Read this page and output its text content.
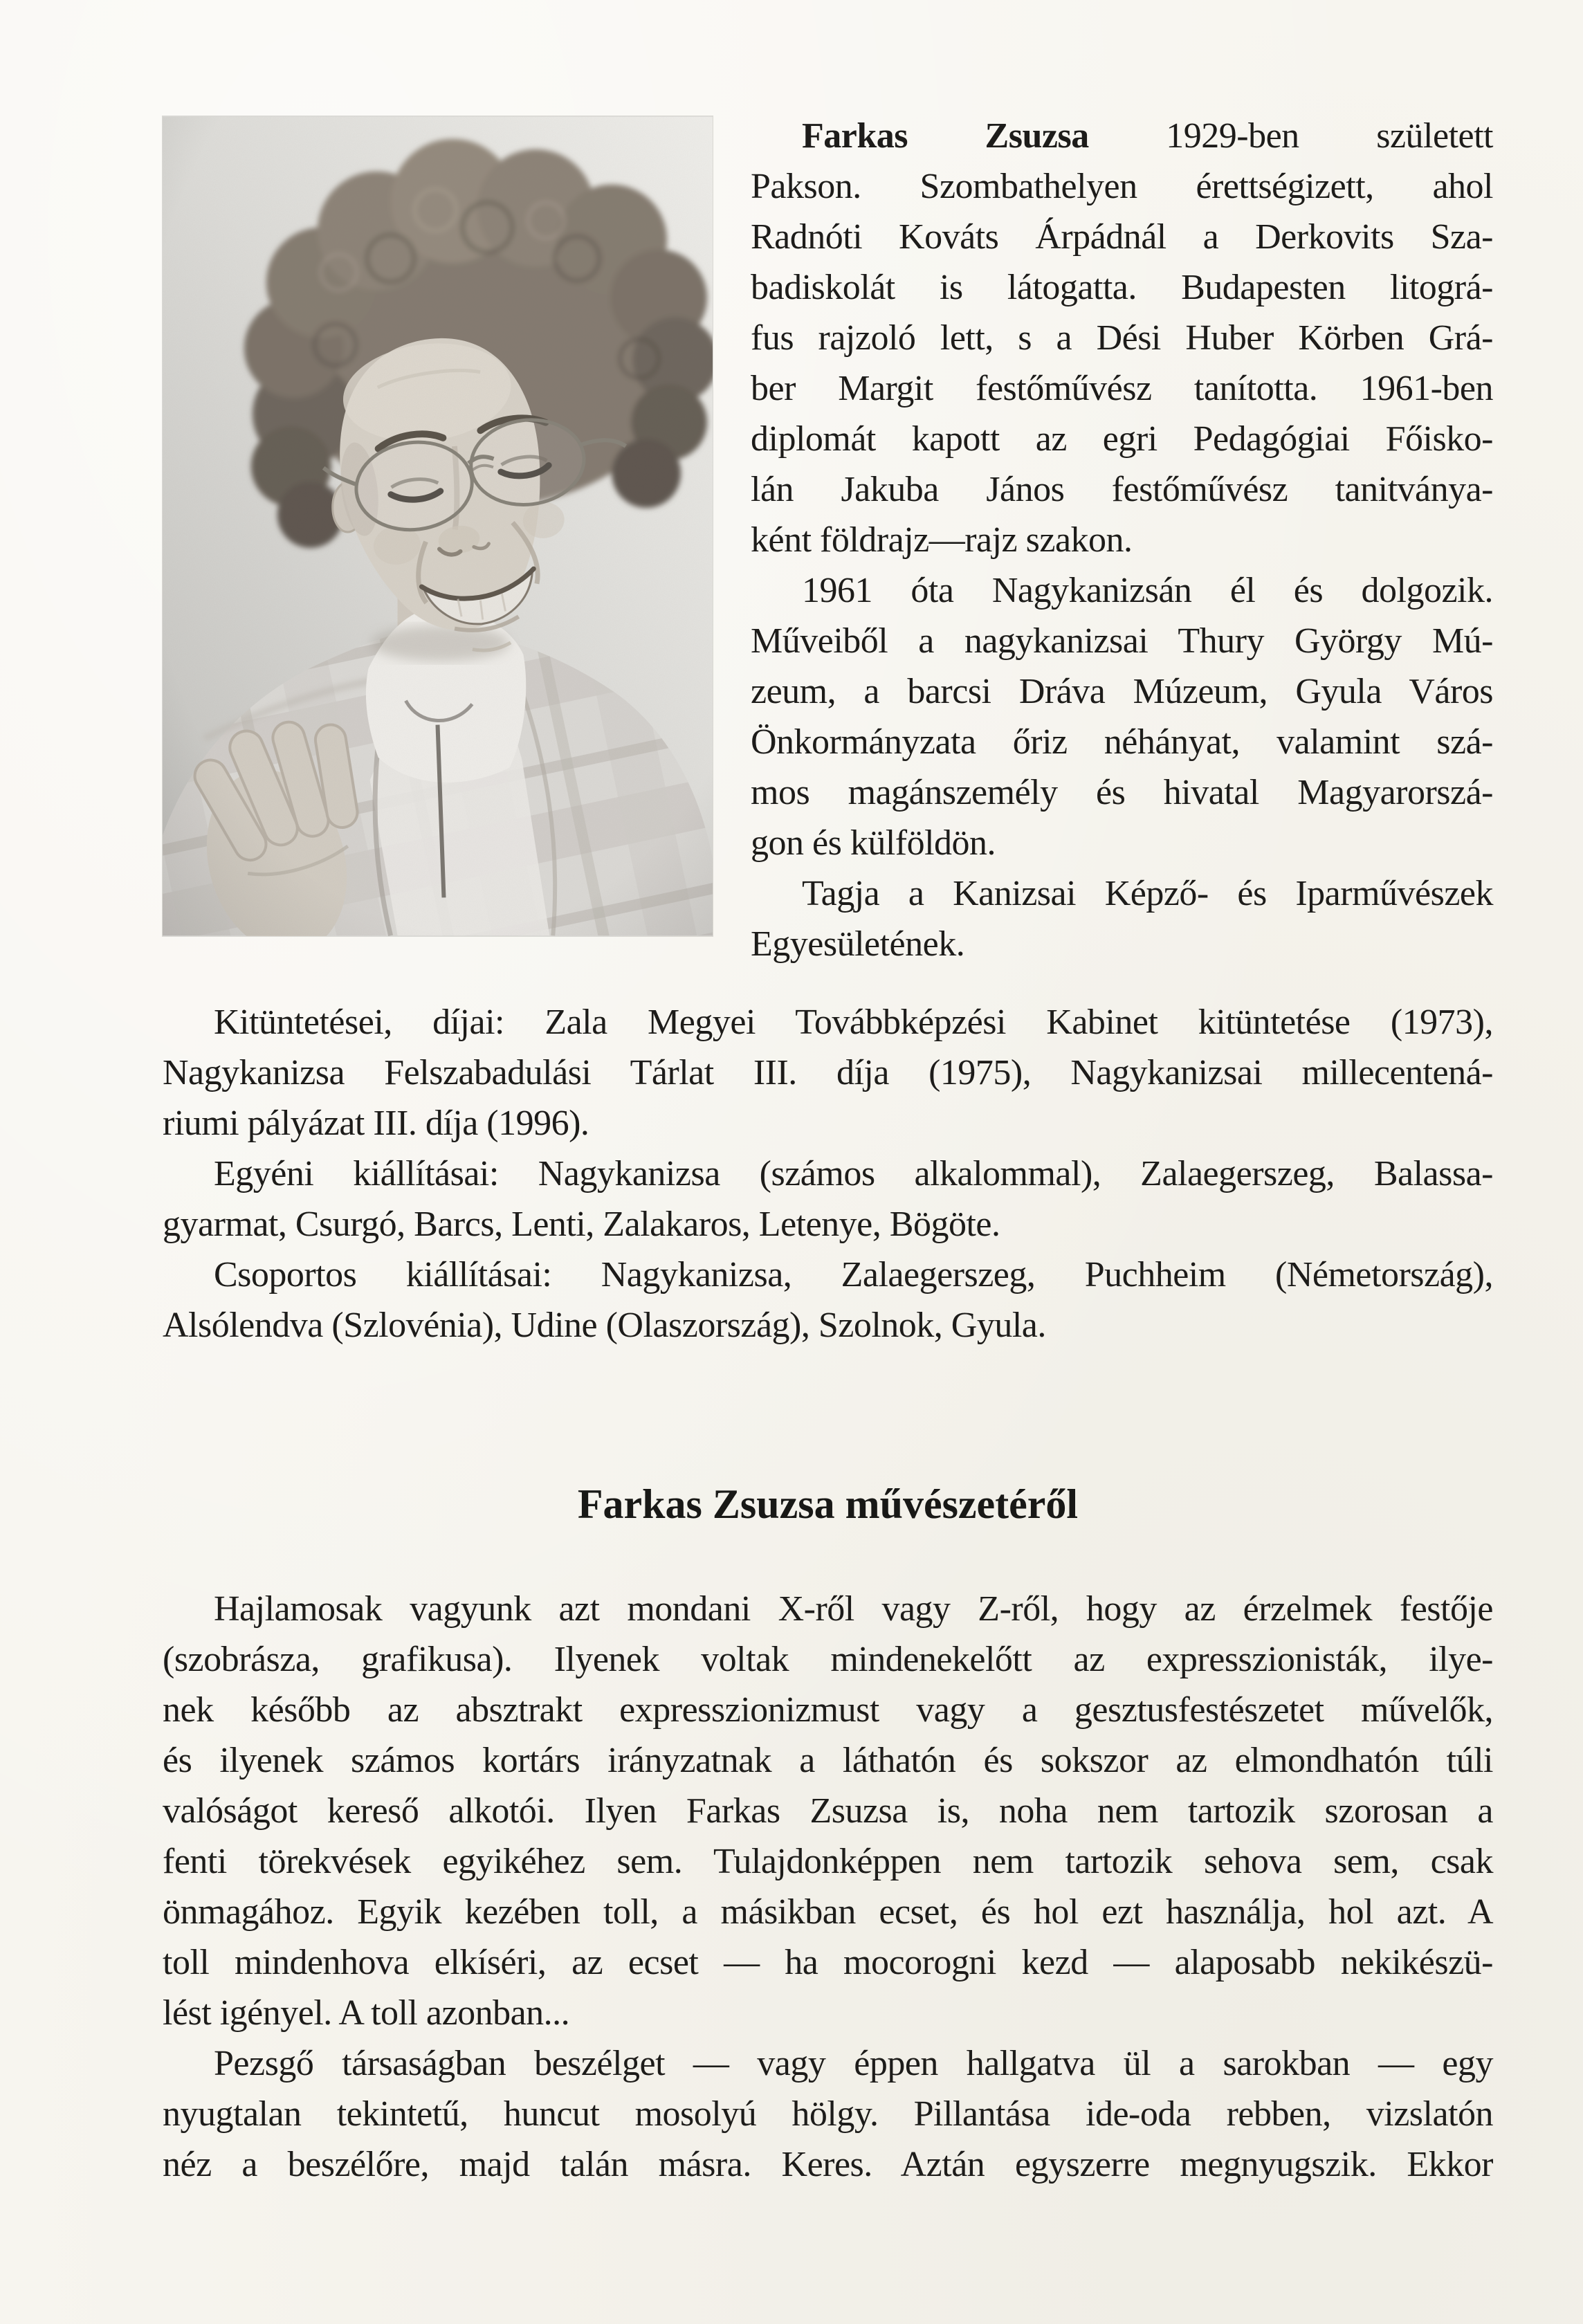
Farkas Zsuzsa 1929-ben született
Pakson. Szombathelyen érettségizett, ahol
Radnóti Kováts Árpádnál a Derkovits Sza-
badiskolát is látogatta. Budapesten litográ-
fus rajzoló lett, s a Dési Huber Körben Grá-
ber Margit festőművész tanította. 1961-ben
diplomát kapott az egri Pedagógiai Főisko-
lán Jakuba János festőművész tanitványa-
ként földrajz—rajz szakon.
1961 óta Nagykanizsán él és dolgozik.
Műveiből a nagykanizsai Thury György Mú-
zeum, a barcsi Dráva Múzeum, Gyula Város
Önkormányzata őriz néhányat, valamint szá-
mos magánszemély és hivatal Magyarorszá-
gon és külföldön.
Tagja a Kanizsai Képző- és Iparművészek
Egyesületének.
Kitüntetései, díjai: Zala Megyei Továbbképzési Kabinet kitüntetése (1973),
Nagykanizsa Felszabadulási Tárlat III. díja (1975), Nagykanizsai millecentená-
riumi pályázat III. díja (1996).
Egyéni kiállításai: Nagykanizsa (számos alkalommal), Zalaegerszeg, Balassa-
gyarmat, Csurgó, Barcs, Lenti, Zalakaros, Letenye, Bögöte.
Csoportos kiállításai: Nagykanizsa, Zalaegerszeg, Puchheim (Németország),
Alsólendva (Szlovénia), Udine (Olaszország), Szolnok, Gyula.
Farkas Zsuzsa művészetéről
Hajlamosak vagyunk azt mondani X-ről vagy Z-ről, hogy az érzelmek festője
(szobrásza, grafikusa). Ilyenek voltak mindenekelőtt az expresszionisták, ilye-
nek később az absztrakt expresszionizmust vagy a gesztusfestészetet művelők,
és ilyenek számos kortárs irányzatnak a láthatón és sokszor az elmondhatón túli
valóságot kereső alkotói. Ilyen Farkas Zsuzsa is, noha nem tartozik szorosan a
fenti törekvések egyikéhez sem. Tulajdonképpen nem tartozik sehova sem, csak
önmagához. Egyik kezében toll, a másikban ecset, és hol ezt használja, hol azt. A
toll mindenhova elkíséri, az ecset — ha mocorogni kezd — alaposabb nekikészü-
lést igényel. A toll azonban...
Pezsgő társaságban beszélget — vagy éppen hallgatva ül a sarokban — egy
nyugtalan tekintetű, huncut mosolyú hölgy. Pillantása ide-oda rebben, vizslatón
néz a beszélőre, majd talán másra. Keres. Aztán egyszerre megnyugszik. Ekkor
